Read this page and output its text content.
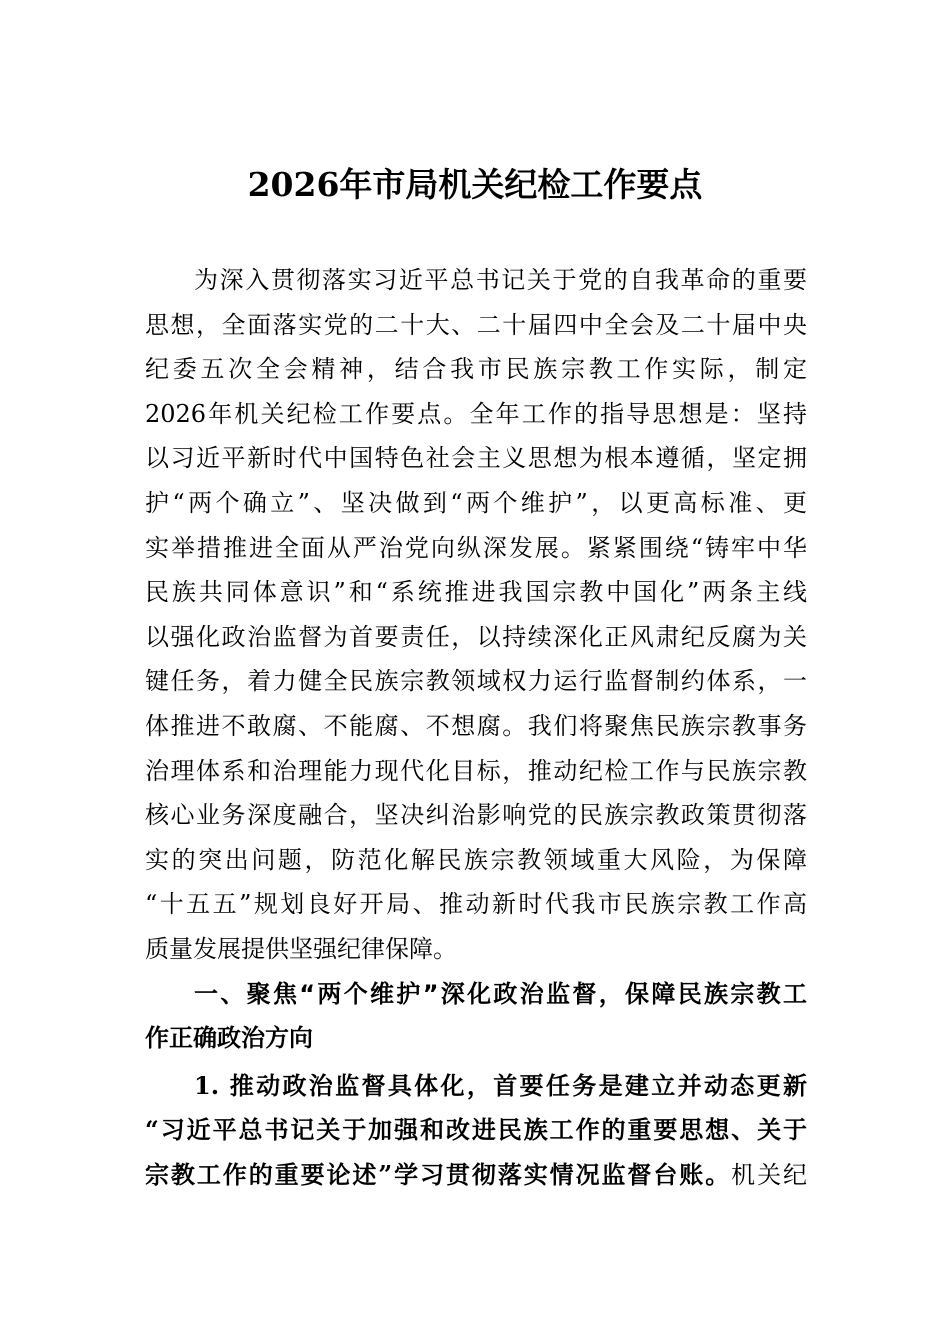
2026年市局机关纪检工作要点
为深入贯彻落实习近平总书记关于党的自我革命的重要
思想，全面落实党的二十大、二十届四中全会及二十届中央
纪委五次全会精神，结合我市民族宗教工作实际，制定
2026年机关纪检工作要点。全年工作的指导思想是：坚持
以习近平新时代中国特色社会主义思想为根本遵循，坚定拥
护“两个确立”、坚决做到“两个维护”，以更高标准、更
实举措推进全面从严治党向纵深发展。紧紧围绕“铸牢中华
民族共同体意识”和“系统推进我国宗教中国化”两条主线
以强化政治监督为首要责任，以持续深化正风肃纪反腐为关
键任务，着力健全民族宗教领域权力运行监督制约体系，一
体推进不敢腐、不能腐、不想腐。我们将聚焦民族宗教事务
治理体系和治理能力现代化目标，推动纪检工作与民族宗教
核心业务深度融合，坚决纠治影响党的民族宗教政策贯彻落
实的突出问题，防范化解民族宗教领域重大风险，为保障
“十五五”规划良好开局、推动新时代我市民族宗教工作高
质量发展提供坚强纪律保障。
一、聚焦“两个维护”深化政治监督，保障民族宗教工
作正确政治方向
1. 推动政治监督具体化，首要任务是建立并动态更新
“习近平总书记关于加强和改进民族工作的重要思想、关于
宗教工作的重要论述”学习贯彻落实情况监督台账。机关纪
